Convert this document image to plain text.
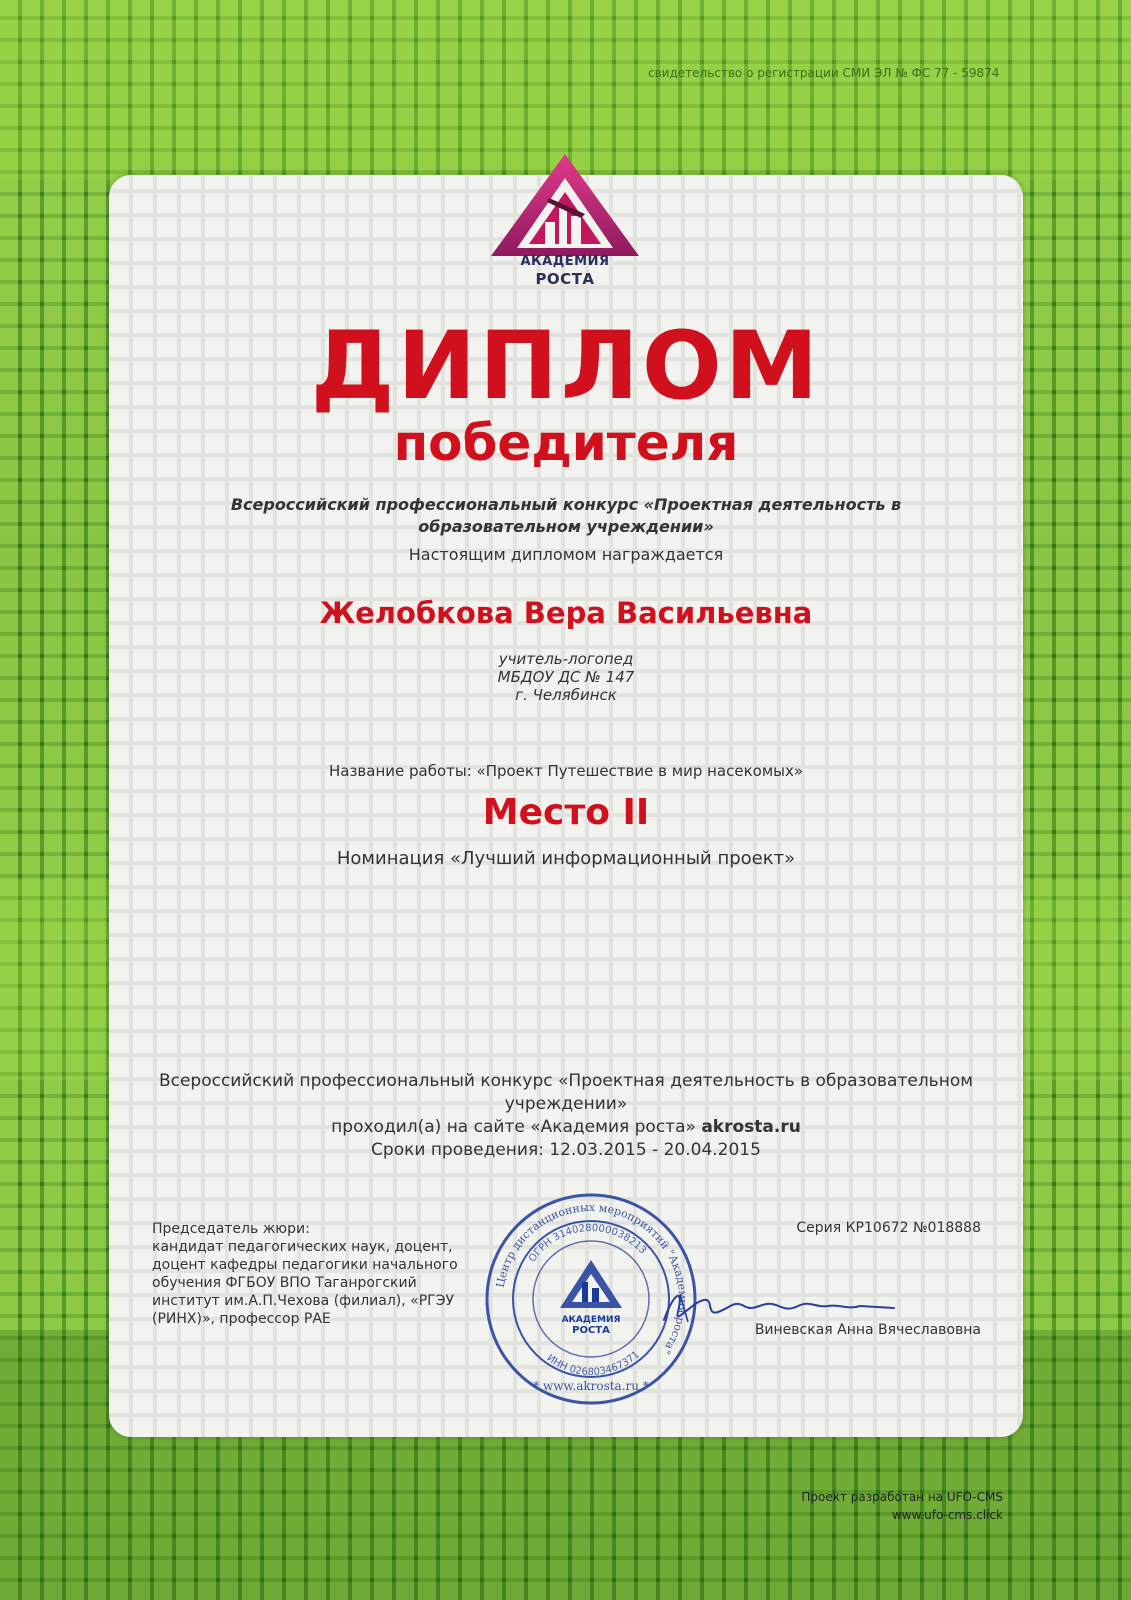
свидетельство о регистрации СМИ ЭЛ № ФС 77 - 59874
АКАДЕМИЯ
РОСТА
ДИПЛОМ
победителя
Всероссийский профессиональный конкурс «Проектная деятельность в образовательном учреждении»
Настоящим дипломом награждается
Желобкова Вера Васильевна
учитель-логопед
МБДОУ ДС № 147
г. Челябинск
Название работы: «Проект Путешествие в мир насекомых»
Место II
Номинация «Лучший информационный проект»
Всероссийский профессиональный конкурс «Проектная деятельность в образовательном учреждении»
проходил(а) на сайте «Академия роста» akrosta.ru
Сроки проведения: 12.03.2015 - 20.04.2015
Председатель жюри:
кандидат педагогических наук, доцент,
доцент кафедры педагогики начального
обучения ФГБОУ ВПО Таганрогский
институт им.А.П.Чехова (филиал), «РГЭУ
(РИНХ)», профессор РАЕ
Серия КР10672 №018888
Виневская Анна Вячеславовна
Центр дистанционных мероприятий "Академия роста"
ОГРН 314028000038213
ИНН 026803467371
* www.akrosta.ru *
АКАДЕМИЯ
РОСТА
Проект разработан на UFO-CMS
www.ufo-cms.click
